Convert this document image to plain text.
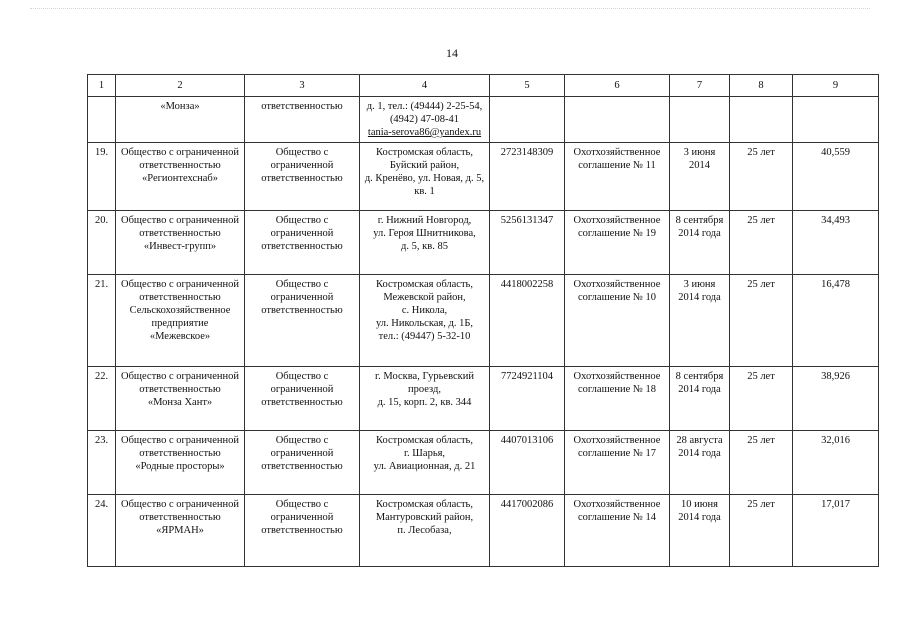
14
1	2	3	4	5	6	7	8	9
	«Монза»	ответственностью	д. 1, тел.: (49444) 2-25-54,
(4942) 47-08-41
tania-serova86@yandex.ru					

19.	Общество с ограниченной
ответственностью
«Регионтехснаб»	Общество с
ограниченной
ответственностью	Костромская область,
Буйский район,
д. Кренёво, ул. Новая, д. 5,
кв. 1	2723148309	Охотхозяйственное
соглашение № 11	3 июня
2014	25 лет	40,559
20.	Общество с ограниченной
ответственностью
«Инвест-групп»	Общество с
ограниченной
ответственностью	г. Нижний Новгород,
ул. Героя Шнитникова,
д. 5, кв. 85	5256131347	Охотхозяйственное
соглашение № 19	8 сентября
2014 года	25 лет	34,493
21.	Общество с ограниченной
ответственностью
Сельскохозяйственное
предприятие
«Межевское»	Общество с
ограниченной
ответственностью	Костромская область,
Межевской район,
с. Никола,
ул. Никольская, д. 1Б,
тел.: (49447) 5-32-10	4418002258	Охотхозяйственное
соглашение № 10	3 июня
2014 года	25 лет	16,478
22.	Общество с ограниченной
ответственностью
«Монза Хант»	Общество с
ограниченной
ответственностью	г. Москва, Гурьевский
проезд,
д. 15, корп. 2, кв. 344	7724921104	Охотхозяйственное
соглашение № 18	8 сентября
2014 года	25 лет	38,926
23.	Общество с ограниченной
ответственностью
«Родные просторы»	Общество с
ограниченной
ответственностью	Костромская область,
г. Шарья,
ул. Авиационная, д. 21	4407013106	Охотхозяйственное
соглашение № 17	28 августа
2014 года	25 лет	32,016
24.	Общество с ограниченной
ответственностью
«ЯРМАН»	Общество с
ограниченной
ответственностью	Костромская область,
Мантуровский район,
п. Лесобаза,	4417002086	Охотхозяйственное
соглашение № 14	10 июня
2014 года	25 лет	17,017
